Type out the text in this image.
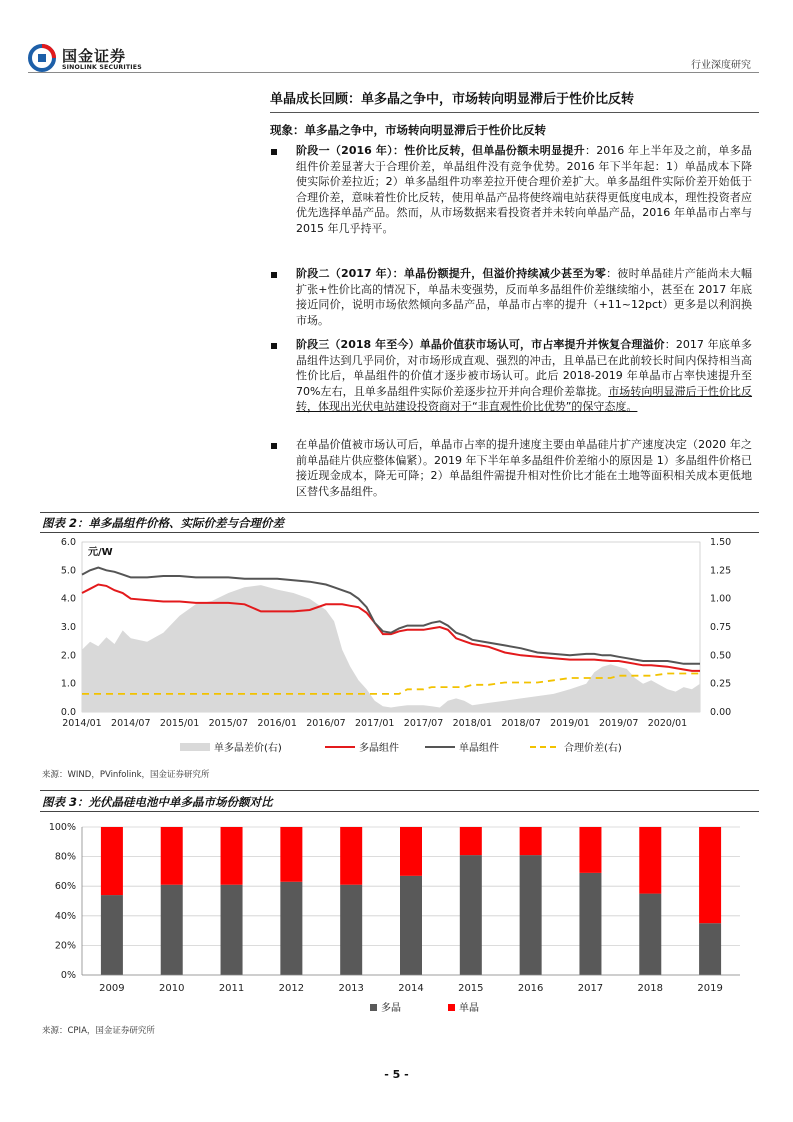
国金证券
SINOLINK SECURITIES	行业深度研究
单晶成长回顾：单多晶之争中，市场转向明显滞后于性价比反转
现象：单多晶之争中，市场转向明显滞后于性价比反转
阶段一（2016 年）：性价比反转，但单晶份额未明显提升：2016 年上半年及之前，单多晶组件价差显著大于合理价差，单晶组件没有竞争优势。2016 年下半年起：1）单晶成本下降使实际价差拉近；2）单多晶组件功率差拉开使合理价差扩大。单多晶组件实际价差开始低于合理价差，意味着性价比反转，使用单晶产品将使终端电站获得更低度电成本，理性投资者应优先选择单晶产品。然而，从市场数据来看投资者并未转向单晶产品，2016 年单晶市占率与 2015 年几乎持平。
阶段二（2017 年）：单晶份额提升，但溢价持续减少甚至为零：彼时单晶硅片产能尚未大幅扩张+性价比高的情况下，单晶未变强势，反而单多晶组件价差继续缩小，甚至在 2017 年底接近同价，说明市场依然倾向多晶产品，单晶市占率的提升（+11~12pct）更多是以利润换市场。
阶段三（2018 年至今）单晶价值获市场认可，市占率提升并恢复合理溢价：2017 年底单多晶组件达到几乎同价，对市场形成直观、强烈的冲击，且单晶已在此前较长时间内保持相当高性价比后，单晶组件的价值才逐步被市场认可。此后 2018-2019 年单晶市占率快速提升至 70%左右，且单多晶组件实际价差逐步拉开并向合理价差靠拢。市场转向明显滞后于性价比反转，体现出光伏电站建设投资商对于“非直观性价比优势”的保守态度。
在单晶价值被市场认可后，单晶市占率的提升速度主要由单晶硅片扩产速度决定（2020 年之前单晶硅片供应整体偏紧）。2019 年下半年单多晶组件价差缩小的原因是 1）多晶组件价格已接近现金成本，降无可降；2）单晶组件需提升相对性价比才能在土地等面积相关成本更低地区替代多晶组件。
图表 2：单多晶组件价格、实际价差与合理价差
0.0
1.0
2.0
3.0
4.0
5.0
6.0
0.00
0.25
0.50
0.75
1.00
1.25
1.50
2014/01 2014/07 2015/01 2015/07 2016/01 2016/07 2017/01 2017/07 2018/01 2018/07 2019/01 2019/07 2020/01
元/W
单多晶差价(右)	多晶组件	单晶组件	合理价差(右)
来源：WIND，PVinfolink，国金证券研究所
图表 3：光伏晶硅电池中单多晶市场份额对比
0%
20%
40%
60%
80%
100%
2009	2010	2011	2012	2013	2014	2015	2016	2017	2018	2019
多晶	单晶
来源：CPIA，国金证券研究所
- 5 -
